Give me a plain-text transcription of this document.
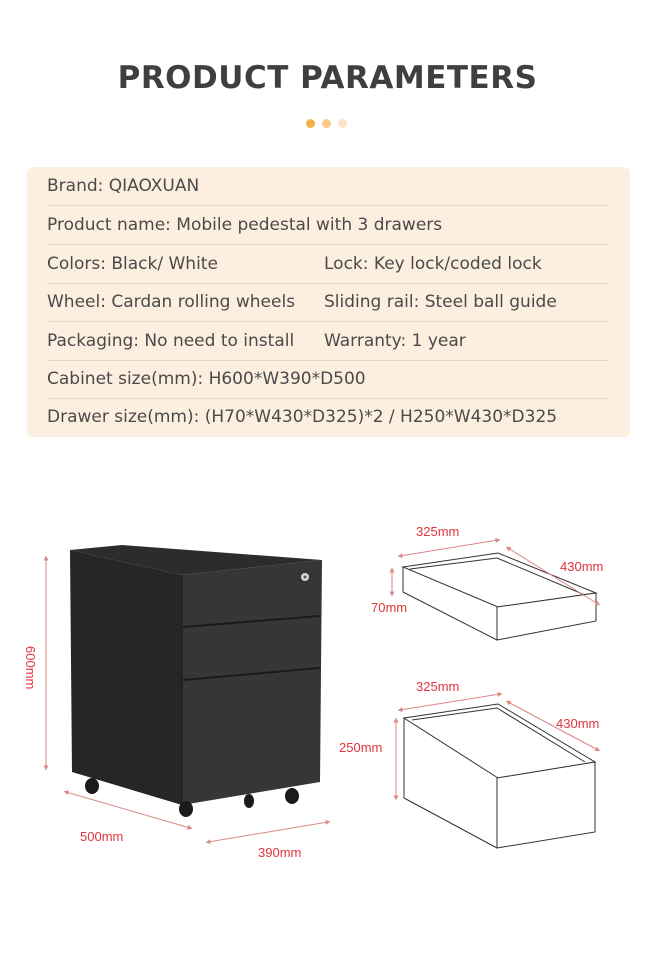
PRODUCT PARAMETERS
Brand: QIAOXUAN
Product name: Mobile pedestal with 3 drawers
Colors: Black/ White	Lock: Key lock/coded lock
Wheel: Cardan rolling wheels Sliding rail: Steel ball guide
Packaging: No need to install Warranty: 1 year
Cabinet size(mm): H600*W390*D500
Drawer size(mm): (H70*W430*D325)*2 / H250*W430*D325
600mm
500mm
390mm
325mm
430mm
70mm
325mm
430mm
250mm
